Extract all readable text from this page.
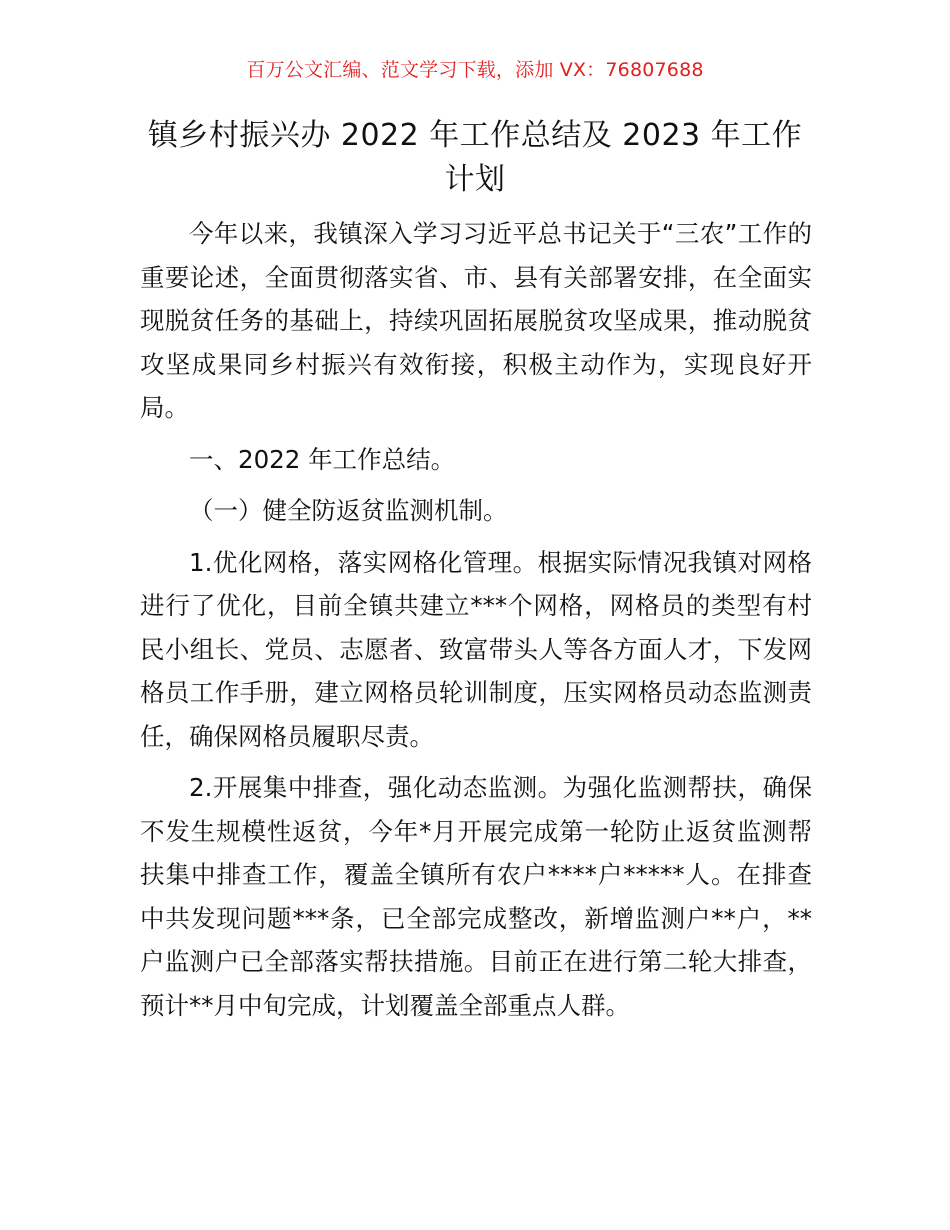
百万公文汇编、范文学习下载，添加 VX：76807688
镇乡村振兴办 2022 年工作总结及 2023 年工作计划

今年以来，我镇深入学习习近平总书记关于“三农”工作的重要论述，全面贯彻落实省、市、县有关部署安排，在全面实现脱贫任务的基础上，持续巩固拓展脱贫攻坚成果，推动脱贫攻坚成果同乡村振兴有效衔接，积极主动作为，实现良好开局。

一、2022 年工作总结。

（一）健全防返贫监测机制。

1.优化网格，落实网格化管理。根据实际情况我镇对网格进行了优化，目前全镇共建立***个网格，网格员的类型有村民小组长、党员、志愿者、致富带头人等各方面人才，下发网格员工作手册，建立网格员轮训制度，压实网格员动态监测责任，确保网格员履职尽责。

2.开展集中排查，强化动态监测。为强化监测帮扶，确保不发生规模性返贫，今年*月开展完成第一轮防止返贫监测帮扶集中排查工作，覆盖全镇所有农户****户*****人。在排查中共发现问题***条，已全部完成整改，新增监测户**户，**户监测户已全部落实帮扶措施。目前正在进行第二轮大排查，预计**月中旬完成，计划覆盖全部重点人群。
